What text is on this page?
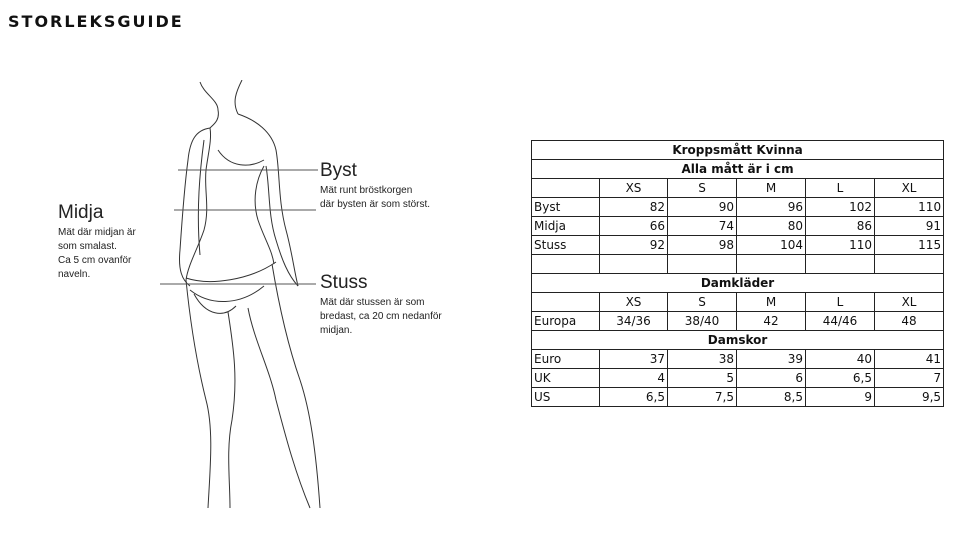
STORLEKSGUIDE
Byst
Mät runt bröstkorgen
där bysten är som störst.
Midja
Mät där midjan är
som smalast.
Ca 5 cm ovanför
naveln.	Stuss
Mät där stussen är som
bredast, ca 20 cm nedanför
midjan.
Kroppsmått Kvinna					
Alla mått är i cm					
	XS	S	M	L	XL
Byst	82	90	96	102	110
Midja	66	74	80	86	91
Stuss	92	98	104	110	115

Damkläder					
	XS	S	M	L	XL
Europa	34/36	38/40	42	44/46	48
Damskor					
Euro	37	38	39	40	41
UK	4	5	6	6,5	7
US	6,5	7,5	8,5	9	9,5
